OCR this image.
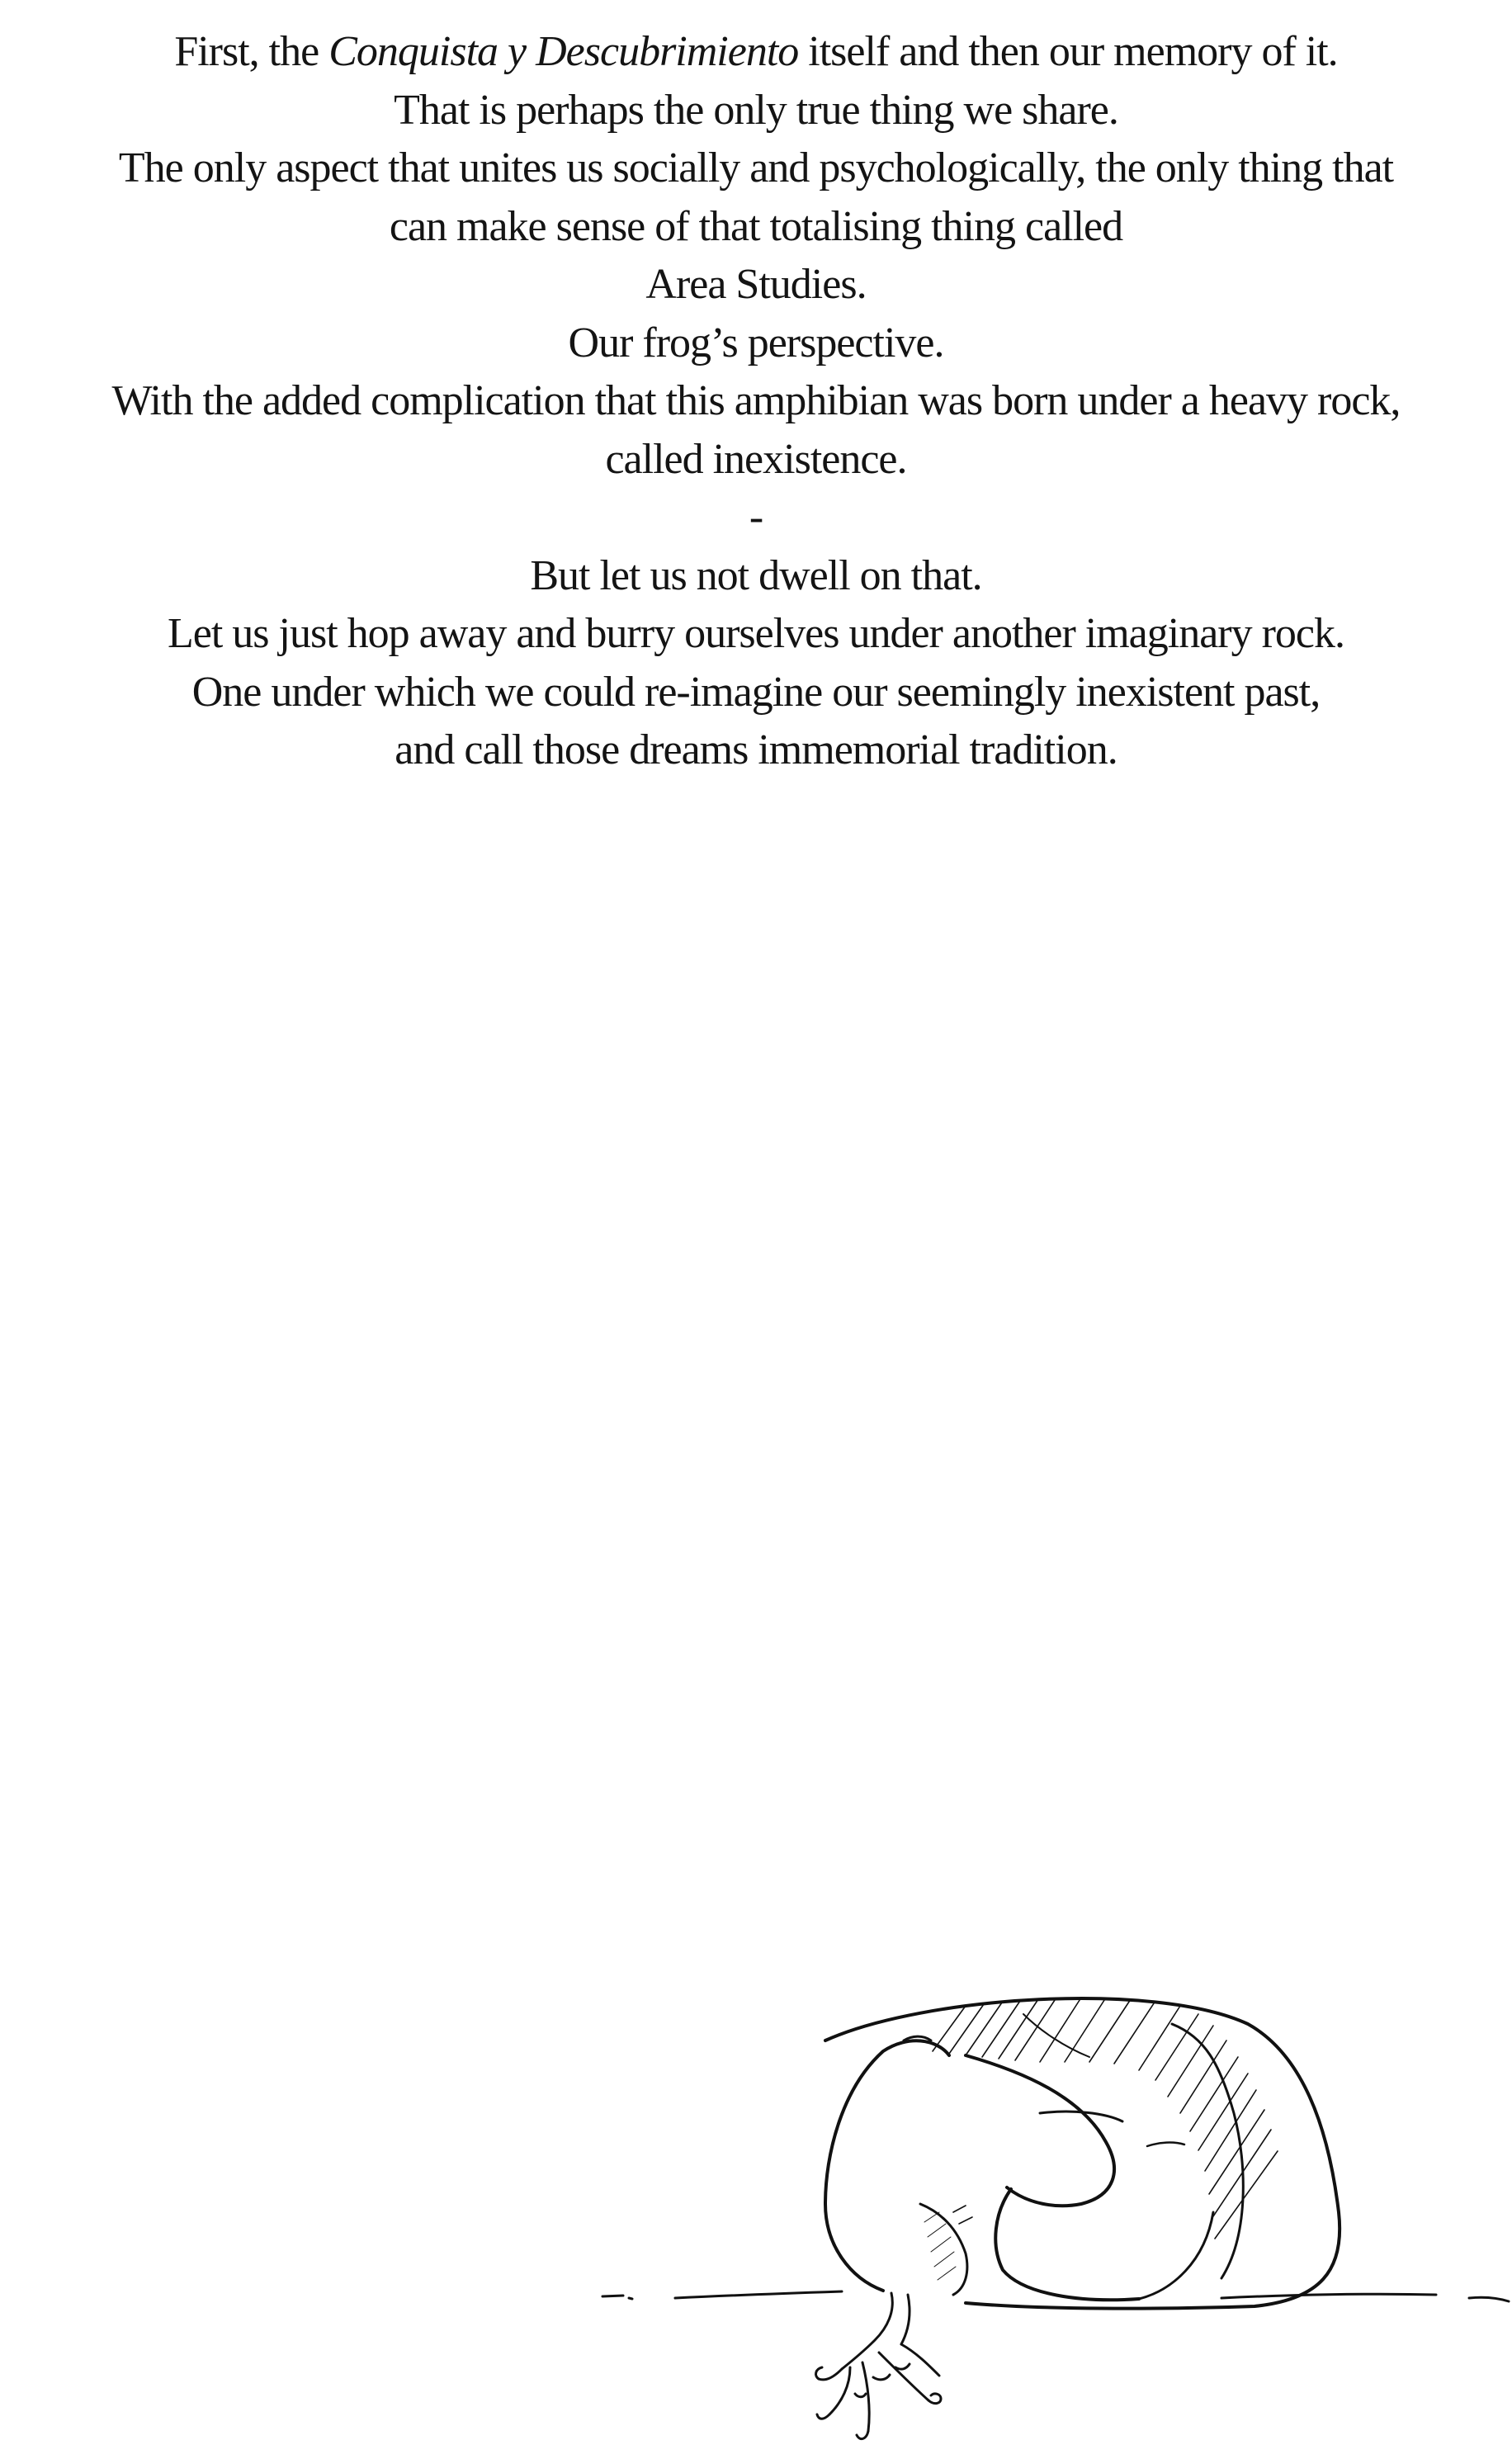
First, the Conquista y Descubrimiento itself and then our memory of it.
That is perhaps the only true thing we share.
The only aspect that unites us socially and psychologically, the only thing that
can make sense of that totalising thing called
Area Studies.
Our frog’s perspective.
With the added complication that this amphibian was born under a heavy rock,
called inexistence.
-
But let us not dwell on that.
Let us just hop away and burry ourselves under another imaginary rock.
One under which we could re-imagine our seemingly inexistent past,
and call those dreams immemorial tradition.
